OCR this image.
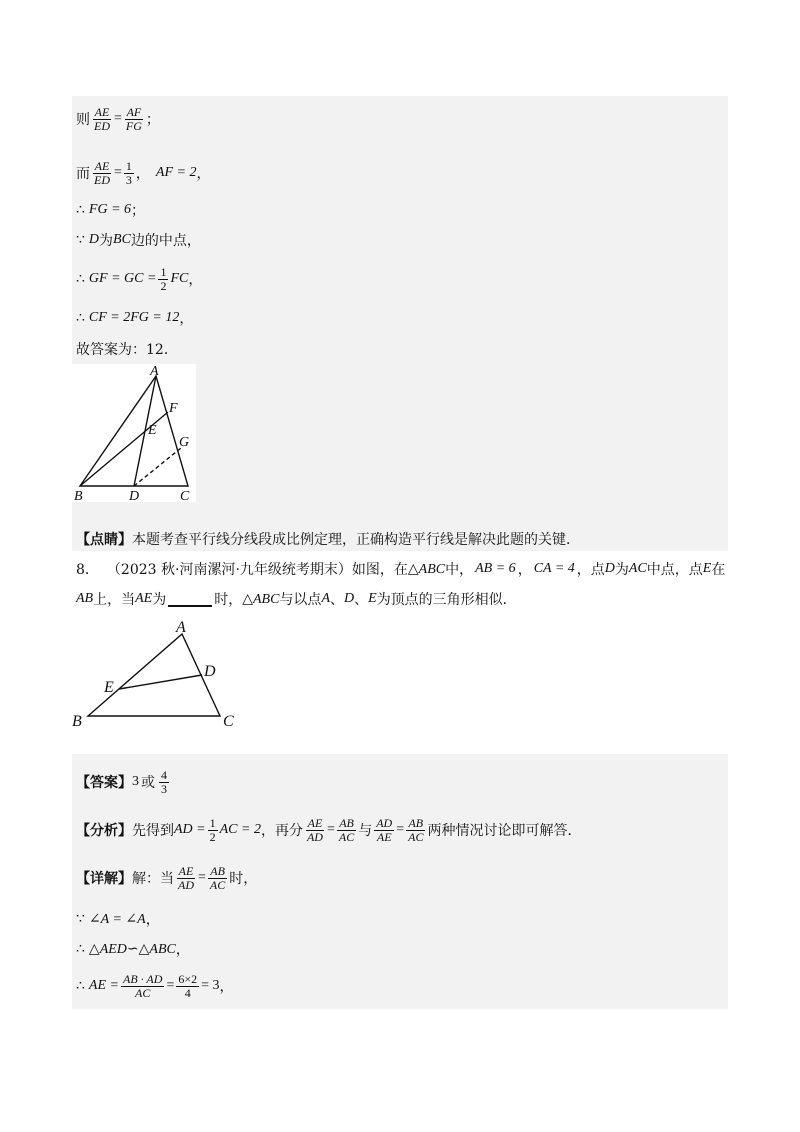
则 $\frac{AE}{ED} = \frac{AF}{FG}$ ；
而 $\frac{AE}{ED} = \frac{1}{3}$ ， AF = 2 ，
∴ FG = 6 ；
∵ D 为 BC 边的中点，
∴ GF = GC = $\frac{1}{2}$ FC ，
∴ CF = 2FG = 12 ，
故答案为：12．
A
F
E
G
B	D	C
【点睛】 本题考查平行线分线段成比例定理，正确构造平行线是解决此题的关键．
8． （2023 秋·河南漯河·九年级统考期末）如图，在 △ABC 中， AB = 6 ， CA = 4 ，点 D 为 AC 中点，点 E 在
AB 上，当 AE 为	时， △ABC 与以点 A 、 D 、 E 为顶点的三角形相似．
A
D
E
B	C
【答案】 3 或 $\frac{4}{3}$
【分析】 先得到 AD = $\frac{1}{2}$ AC = 2 ，再分 $\frac{AE}{AD} = \frac{AB}{AC}$ 与 $\frac{AD}{AE} = \frac{AB}{AC}$ 两种情况讨论即可解答．
【详解】 解：当 $\frac{AE}{AD} = \frac{AB}{AC}$ 时，
∵ ∠A = ∠A ，
∴ △AED∽△ABC ，
∴ AE = $\frac{AB \cdot AD}{AC} = \frac{6\times 2}{4} = 3$ ，
